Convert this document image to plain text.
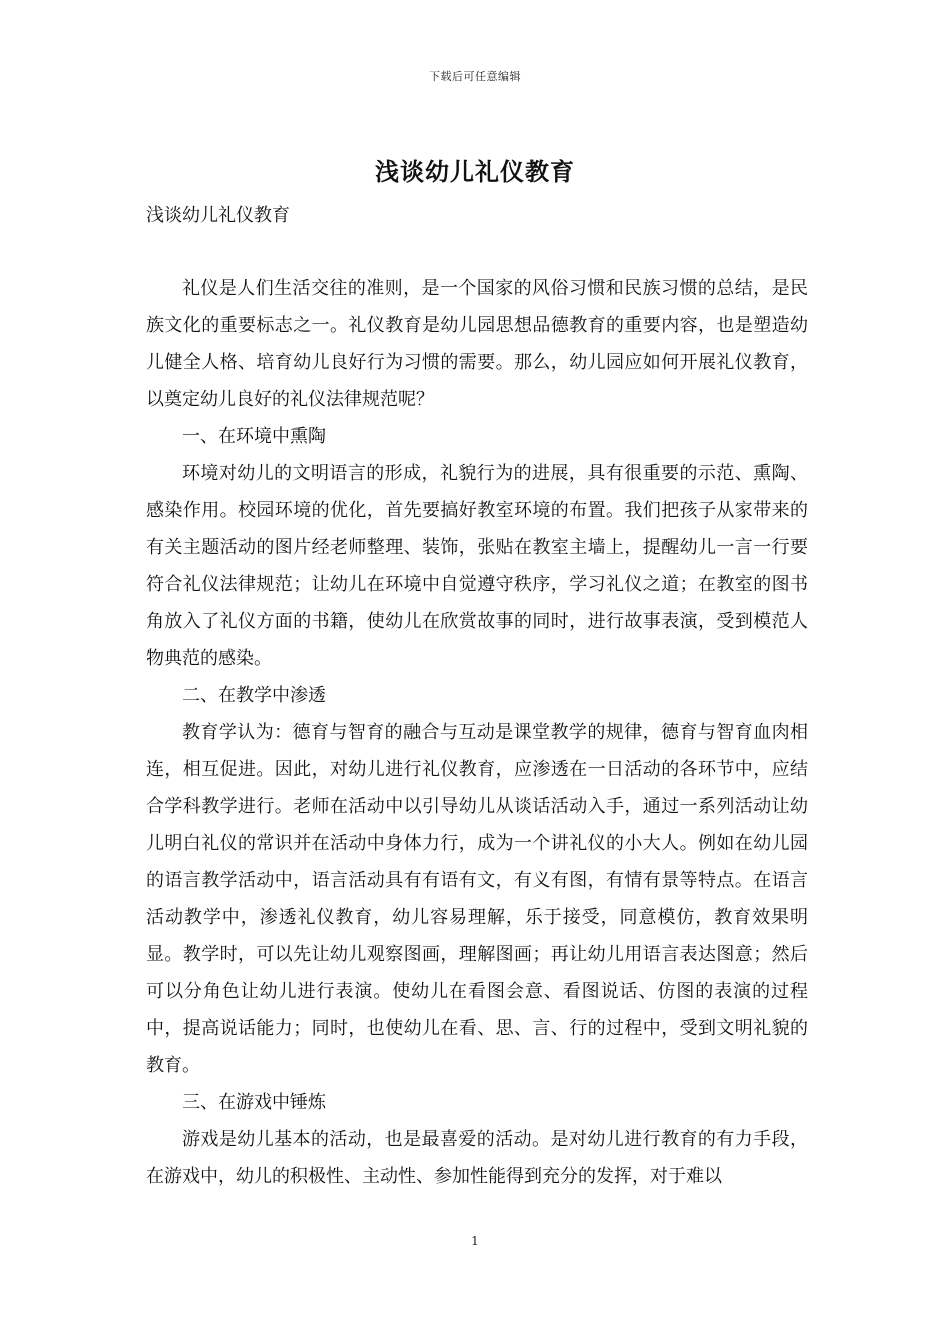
下载后可任意编辑
浅谈幼儿礼仪教育
浅谈幼儿礼仪教育

礼仪是人们生活交往的准则，是一个国家的风俗习惯和民族习惯的总结，是民族文化的重要标志之一。礼仪教育是幼儿园思想品德教育的重要内容，也是塑造幼儿健全人格、培育幼儿良好行为习惯的需要。那么，幼儿园应如何开展礼仪教育，以奠定幼儿良好的礼仪法律规范呢？

一、在环境中熏陶

环境对幼儿的文明语言的形成，礼貌行为的进展，具有很重要的示范、熏陶、感染作用。校园环境的优化，首先要搞好教室环境的布置。我们把孩子从家带来的有关主题活动的图片经老师整理、装饰，张贴在教室主墙上，提醒幼儿一言一行要符合礼仪法律规范；让幼儿在环境中自觉遵守秩序，学习礼仪之道；在教室的图书角放入了礼仪方面的书籍，使幼儿在欣赏故事的同时，进行故事表演，受到模范人物典范的感染。

二、在教学中渗透

教育学认为：德育与智育的融合与互动是课堂教学的规律，德育与智育血肉相连，相互促进。因此，对幼儿进行礼仪教育，应渗透在一日活动的各环节中，应结合学科教学进行。老师在活动中以引导幼儿从谈话活动入手，通过一系列活动让幼儿明白礼仪的常识并在活动中身体力行，成为一个讲礼仪的小大人。例如在幼儿园的语言教学活动中，语言活动具有有语有文，有义有图，有情有景等特点。在语言活动教学中，渗透礼仪教育，幼儿容易理解，乐于接受，同意模仿，教育效果明显。教学时，可以先让幼儿观察图画，理解图画；再让幼儿用语言表达图意；然后可以分角色让幼儿进行表演。使幼儿在看图会意、看图说话、仿图的表演的过程中，提高说话能力；同时，也使幼儿在看、思、言、行的过程中，受到文明礼貌的教育。

三、在游戏中锤炼

游戏是幼儿基本的活动，也是最喜爱的活动。是对幼儿进行教育的有力手段，在游戏中，幼儿的积极性、主动性、参加性能得到充分的发挥，对于难以

1
